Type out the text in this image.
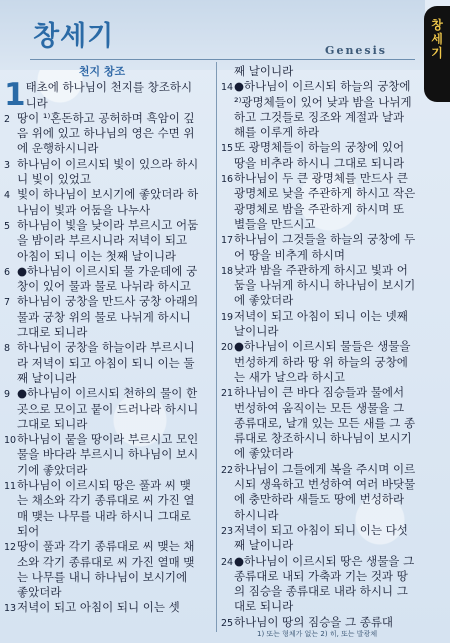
창세기	Genesis
창세기
천지 창조
1 태초에 하나님이 천지를 창조하시니라
2 땅이 ¹⁾혼돈하고 공허하며 흑암이 깊음 위에 있고 하나님의 영은 수면 위에 운행하시니라
3 하나님이 이르시되 빛이 있으라 하시니 빛이 있었고
4 빛이 하나님이 보시기에 좋았더라 하나님이 빛과 어둠을 나누사
5 하나님이 빛을 낮이라 부르시고 어둠을 밤이라 부르시니라 저녁이 되고 아침이 되니 이는 첫째 날이니라
6 ●하나님이 이르시되 물 가운데에 궁창이 있어 물과 물로 나뉘라 하시고
7 하나님이 궁창을 만드사 궁창 아래의 물과 궁창 위의 물로 나뉘게 하시니 그대로 되니라
8 하나님이 궁창을 하늘이라 부르시니라 저녁이 되고 아침이 되니 이는 둘째 날이니라
9 ●하나님이 이르시되 천하의 물이 한 곳으로 모이고 뭍이 드러나라 하시니 그대로 되니라
10 하나님이 뭍을 땅이라 부르시고 모인 물을 바다라 부르시니 하나님이 보시기에 좋았더라
11 하나님이 이르시되 땅은 풀과 씨 맺는 채소와 각기 종류대로 씨 가진 열매 맺는 나무를 내라 하시니 그대로 되어
12 땅이 풀과 각기 종류대로 씨 맺는 채소와 각기 종류대로 씨 가진 열매 맺는 나무를 내니 하나님이 보시기에 좋았더라
13 저녁이 되고 아침이 되니 이는 셋
째 날이니라
14 ●하나님이 이르시되 하늘의 궁창에 ²⁾광명체들이 있어 낮과 밤을 나뉘게 하고 그것들로 징조와 계절과 날과 해를 이루게 하라
15 또 광명체들이 하늘의 궁창에 있어 땅을 비추라 하시니 그대로 되니라
16 하나님이 두 큰 광명체를 만드사 큰 광명체로 낮을 주관하게 하시고 작은 광명체로 밤을 주관하게 하시며 또 별들을 만드시고
17 하나님이 그것들을 하늘의 궁창에 두어 땅을 비추게 하시며
18 낮과 밤을 주관하게 하시고 빛과 어둠을 나뉘게 하시니 하나님이 보시기에 좋았더라
19 저녁이 되고 아침이 되니 이는 넷째 날이니라
20 ●하나님이 이르시되 물들은 생물을 번성하게 하라 땅 위 하늘의 궁창에는 새가 날으라 하시고
21 하나님이 큰 바다 짐승들과 물에서 번성하여 움직이는 모든 생물을 그 종류대로, 날개 있는 모든 새를 그 종류대로 창조하시니 하나님이 보시기에 좋았더라
22 하나님이 그들에게 복을 주시며 이르시되 생육하고 번성하여 여러 바닷물에 충만하라 새들도 땅에 번성하라 하시니라
23 저녁이 되고 아침이 되니 이는 다섯째 날이니라
24 ●하나님이 이르시되 땅은 생물을 그 종류대로 내되 가축과 기는 것과 땅의 짐승을 종류대로 내라 하시니 그대로 되니라
25 하나님이 땅의 짐승을 그 종류대
1) 또는 형체가 없는 2) 히, 또는 발광체
